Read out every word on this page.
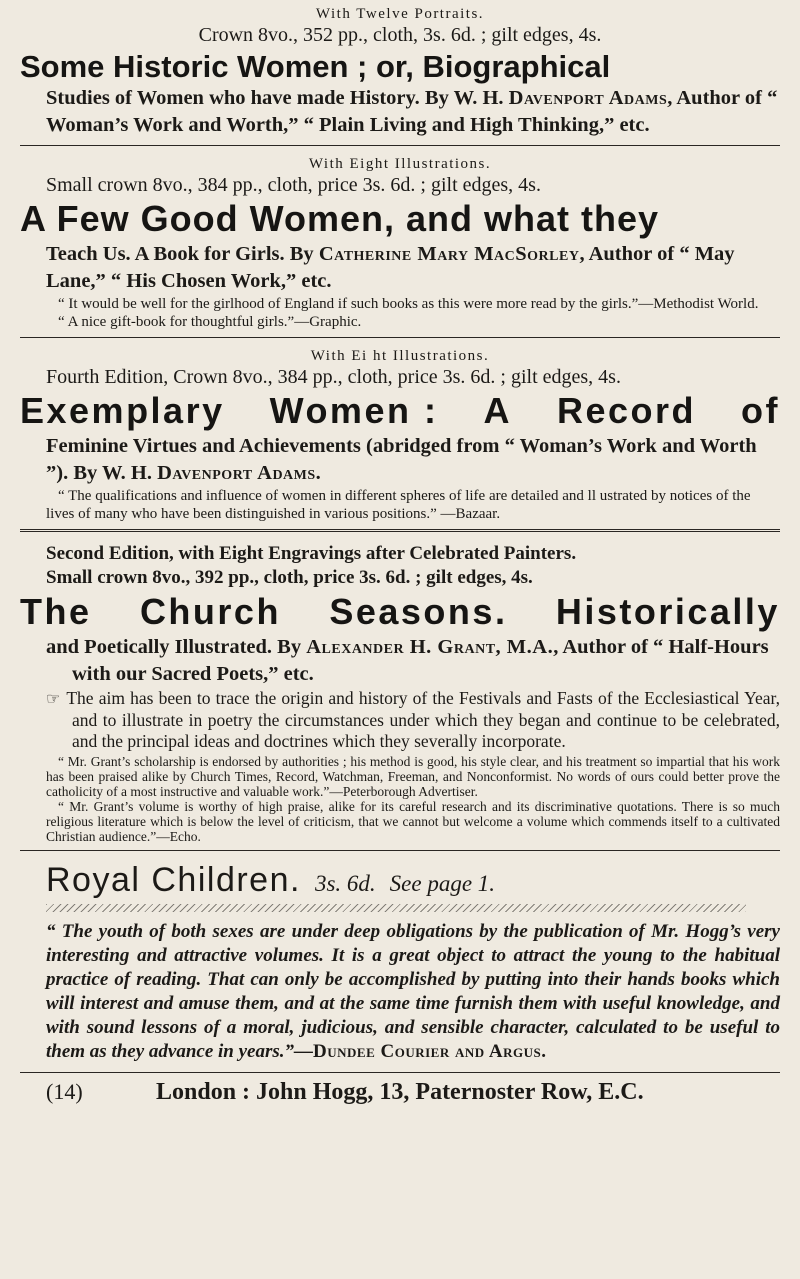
With Twelve Portraits.

Crown 8vo., 352 pp., cloth, 3s. 6d. ; gilt edges, 4s.

Some Historic Women ; or, Biographical

Studies of Women who have made History. By W. H. Davenport Adams, Author of “ Woman’s Work and Worth,” “ Plain Living and High Thinking,” etc.

With Eight Illustrations.

Small crown 8vo., 384 pp., cloth, price 3s. 6d. ; gilt edges, 4s.

A Few Good Women, and what they

Teach Us. A Book for Girls. By Catherine Mary MacSorley, Author of “ May Lane,” “ His Chosen Work,” etc.

“ It would be well for the girlhood of England if such books as this were more read by the girls.”—Methodist World.

“ A nice gift-book for thoughtful girls.”—Graphic.

With Ei ht Illustrations.

Fourth Edition, Crown 8vo., 384 pp., cloth, price 3s. 6d. ; gilt edges, 4s.

Exemplary Women : A Record of

Feminine Virtues and Achievements (abridged from “ Woman’s Work and Worth ”). By W. H. Davenport Adams.

“ The qualifications and influence of women in different spheres of life are detailed and ll ustrated by notices of the lives of many who have been distinguished in various positions.” —Bazaar.

Second Edition, with Eight Engravings after Celebrated Painters.

Small crown 8vo., 392 pp., cloth, price 3s. 6d. ; gilt edges, 4s.

The Church Seasons. Historically

and Poetically Illustrated. By Alexander H. Grant, M.A., Author of “ Half-Hours with our Sacred Poets,” etc.

☞ The aim has been to trace the origin and history of the Festivals and Fasts of the Ecclesiastical Year, and to illustrate in poetry the circumstances under which they began and continue to be celebrated, and the principal ideas and doctrines which they severally incorporate.

“ Mr. Grant’s scholarship is endorsed by authorities ; his method is good, his style clear, and his treatment so impartial that his work has been praised alike by Church Times, Record, Watchman, Freeman, and Nonconformist. No words of ours could better prove the catholicity of a most instructive and valuable work.”—Peterborough Advertiser.

“ Mr. Grant’s volume is worthy of high praise, alike for its careful research and its discriminative quotations. There is so much religious literature which is below the level of criticism, that we cannot but welcome a volume which commends itself to a cultivated Christian audience.”—Echo.

Royal Children. 3s. 6d. See page 1.

“ The youth of both sexes are under deep obligations by the publication of Mr. Hogg’s very interesting and attractive volumes. It is a great object to attract the young to the habitual practice of reading. That can only be accomplished by putting into their hands books which will interest and amuse them, and at the same time furnish them with useful knowledge, and with sound lessons of a moral, judicious, and sensible character, calculated to be useful to them as they advance in years.”—Dundee Courier and Argus.

(14)	London : John Hogg, 13, Paternoster Row, E.C.
